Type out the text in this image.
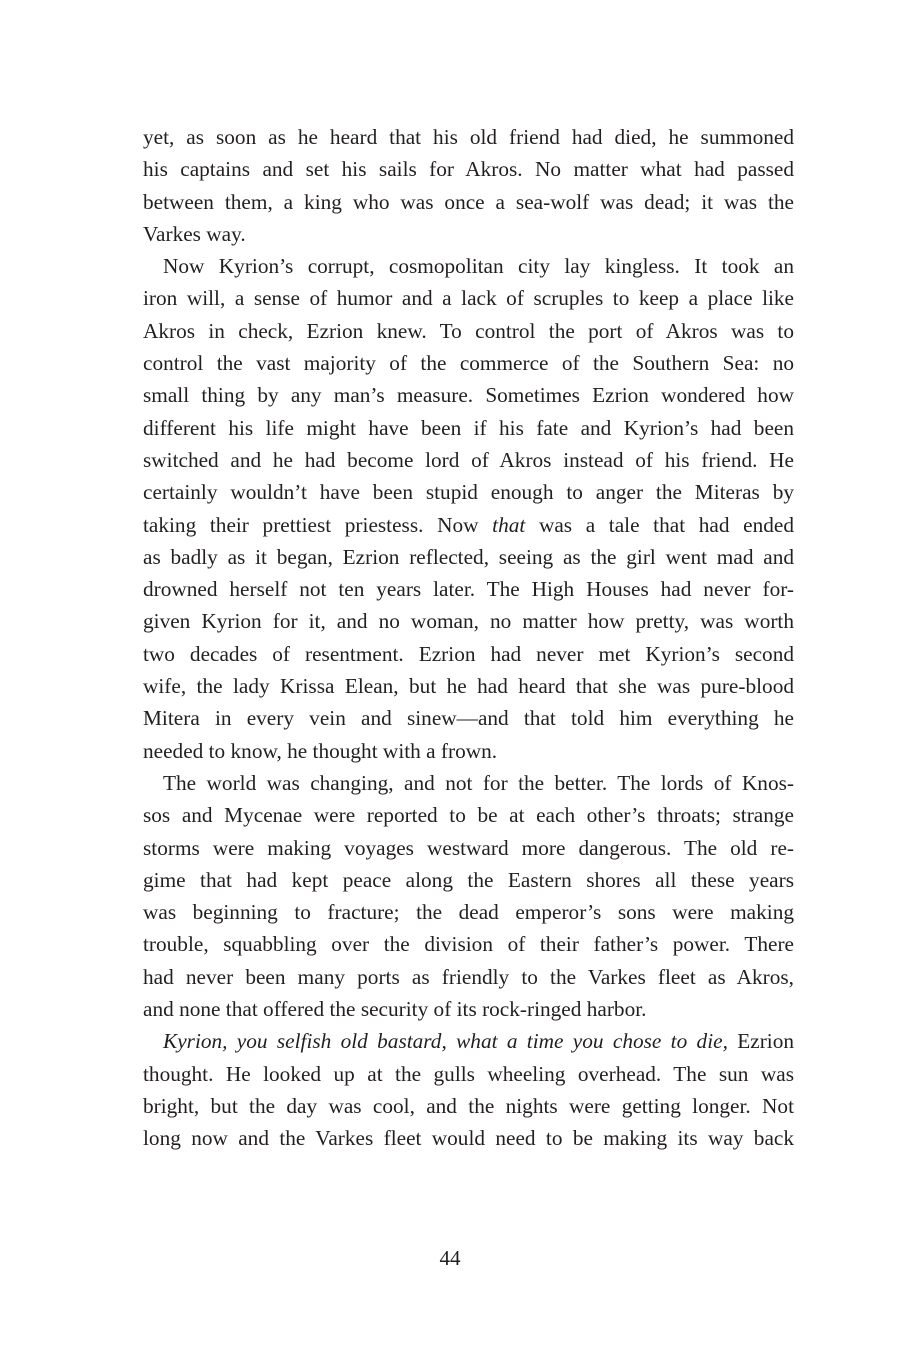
yet, as soon as he heard that his old friend had died, he summoned
his captains and set his sails for Akros. No matter what had passed
between them, a king who was once a sea-wolf was dead; it was the
Varkes way.
Now Kyrion’s corrupt, cosmopolitan city lay kingless. It took an
iron will, a sense of humor and a lack of scruples to keep a place like
Akros in check, Ezrion knew. To control the port of Akros was to
control the vast majority of the commerce of the Southern Sea: no
small thing by any man’s measure. Sometimes Ezrion wondered how
different his life might have been if his fate and Kyrion’s had been
switched and he had become lord of Akros instead of his friend. He
certainly wouldn’t have been stupid enough to anger the Miteras by
taking their prettiest priestess. Now that was a tale that had ended
as badly as it began, Ezrion reflected, seeing as the girl went mad and
drowned herself not ten years later. The High Houses had never for-
given Kyrion for it, and no woman, no matter how pretty, was worth
two decades of resentment. Ezrion had never met Kyrion’s second
wife, the lady Krissa Elean, but he had heard that she was pure-blood
Mitera in every vein and sinew—and that told him everything he
needed to know, he thought with a frown.
The world was changing, and not for the better. The lords of Knos-
sos and Mycenae were reported to be at each other’s throats; strange
storms were making voyages westward more dangerous. The old re-
gime that had kept peace along the Eastern shores all these years
was beginning to fracture; the dead emperor’s sons were making
trouble, squabbling over the division of their father’s power. There
had never been many ports as friendly to the Varkes fleet as Akros,
and none that offered the security of its rock-ringed harbor.
Kyrion, you selfish old bastard, what a time you chose to die, Ezrion
thought. He looked up at the gulls wheeling overhead. The sun was
bright, but the day was cool, and the nights were getting longer. Not
long now and the Varkes fleet would need to be making its way back
44
